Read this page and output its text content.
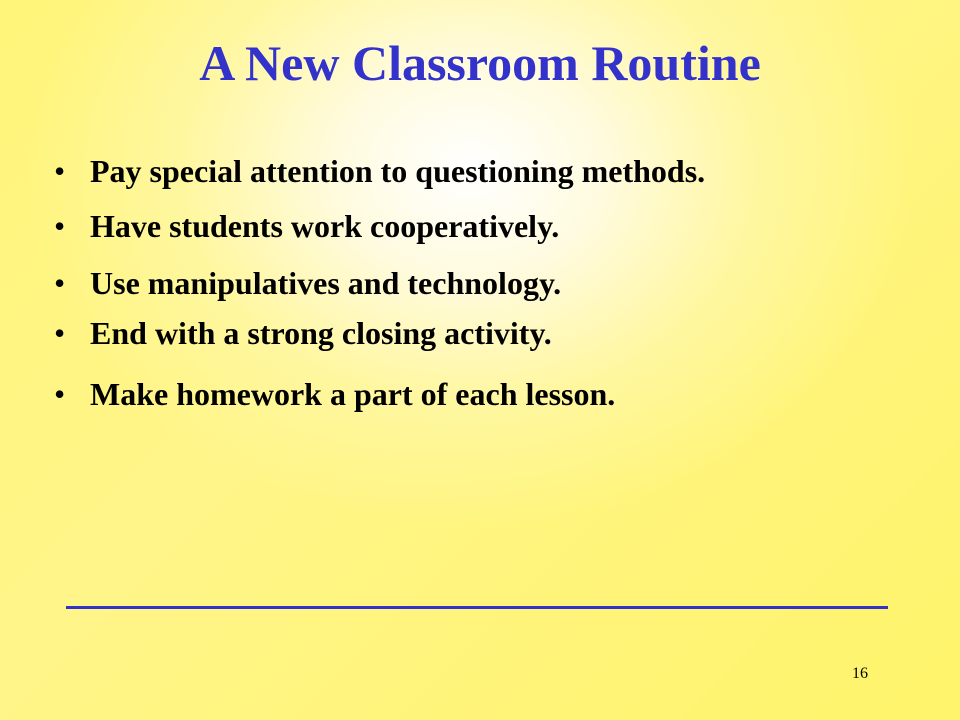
A New Classroom Routine
• Pay special attention to questioning methods.
• Have students work cooperatively.
• Use manipulatives and technology.
• End with a strong closing activity.
• Make homework a part of each lesson.
16
